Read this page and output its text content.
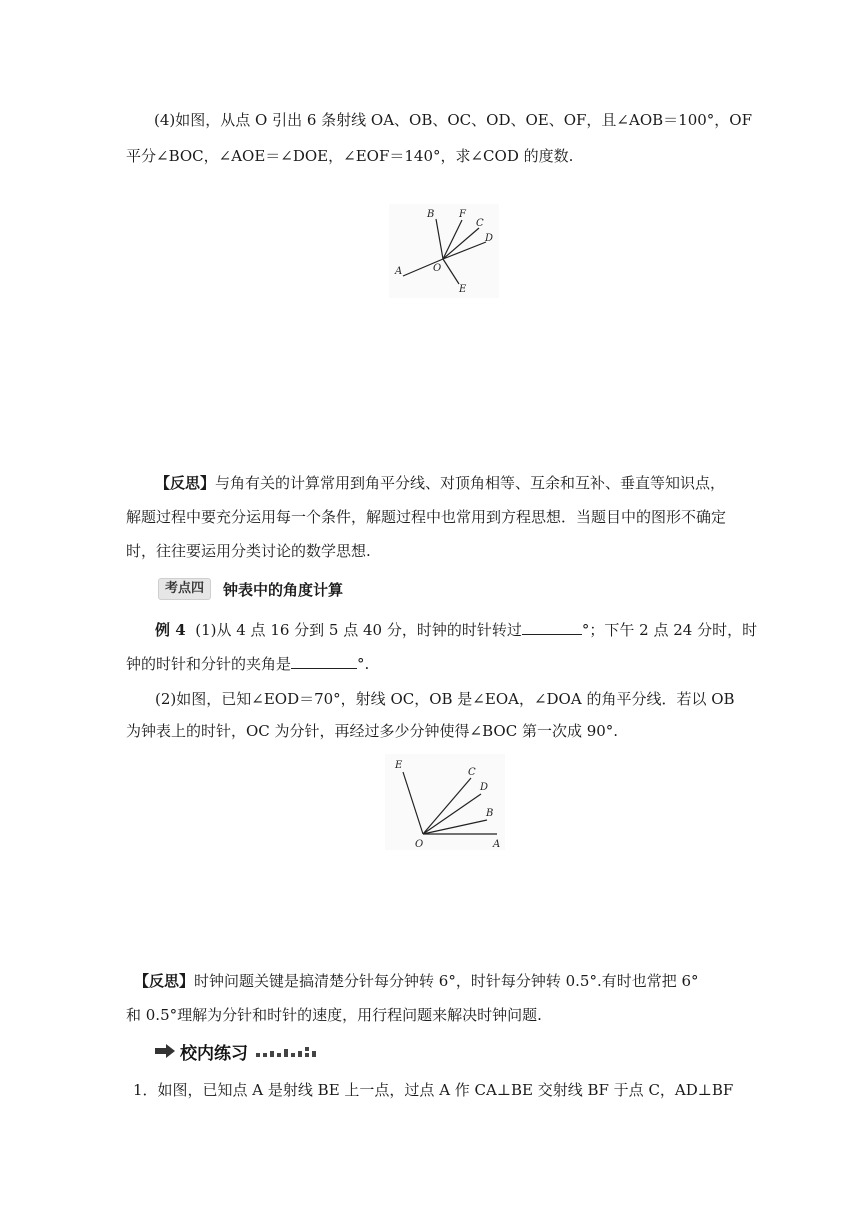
(4)如图，从点 O 引出 6 条射线 OA、OB、OC、OD、OE、OF，且∠AOB＝100°，OF
平分∠BOC，∠AOE＝∠DOE，∠EOF＝140°，求∠COD 的度数.
B F
C
D
A	O
E
【反思】与角有关的计算常用到角平分线、对顶角相等、互余和互补、垂直等知识点，
解题过程中要充分运用每一个条件，解题过程中也常用到方程思想．当题目中的图形不确定
时，往往要运用分类讨论的数学思想.
考点四	钟表中的角度计算
例 4 (1)从 4 点 16 分到 5 点 40 分，时钟的时针转过	°；下午 2 点 24 分时，时
钟的时针和分针的夹角是	°.
(2)如图，已知∠EOD＝70°，射线 OC，OB 是∠EOA，∠DOA 的角平分线．若以 OB
为钟表上的时针，OC 为分针，再经过多少分钟使得∠BOC 第一次成 90°.
E
C
D
B
O	A
【反思】时钟问题关键是搞清楚分针每分钟转 6°，时针每分钟转 0.5°.有时也常把 6°
和 0.5°理解为分针和时针的速度，用行程问题来解决时钟问题.
校内练习
1．如图，已知点 A 是射线 BE 上一点，过点 A 作 CA⊥BE 交射线 BF 于点 C，AD⊥BF
